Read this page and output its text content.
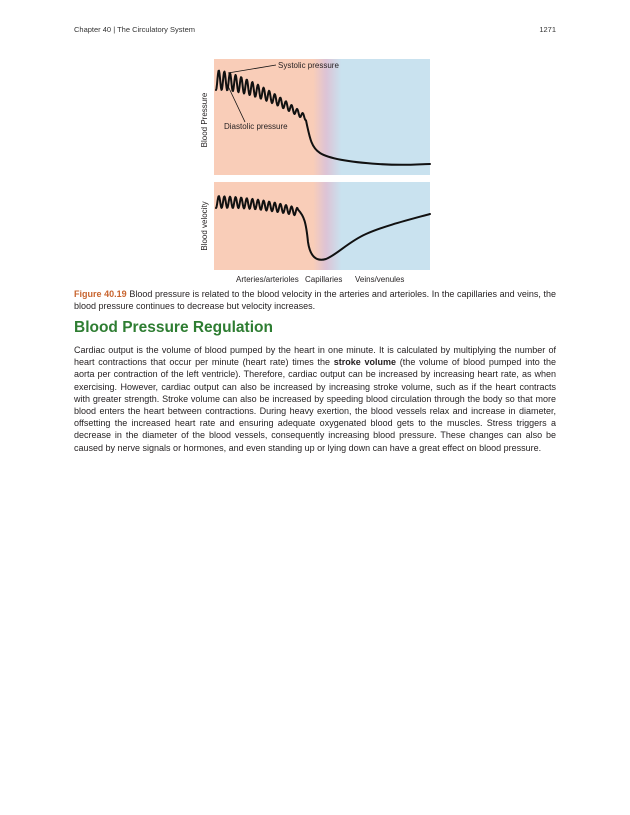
Chapter 40 | The Circulatory System	1271
Systolic pressure
Diastolic pressure
Blood Pressure
Blood velocity
Arteries/arterioles Capillaries Veins/venules
Figure 40.19 Blood pressure is related to the blood velocity in the arteries and arterioles. In the capillaries and veins, the blood pressure continues to decrease but velocity increases.
Blood Pressure Regulation

Cardiac output is the volume of blood pumped by the heart in one minute. It is calculated by multiplying the number of heart contractions that occur per minute (heart rate) times the stroke volume (the volume of blood pumped into the aorta per contraction of the left ventricle). Therefore, cardiac output can be increased by increasing heart rate, as when exercising. However, cardiac output can also be increased by increasing stroke volume, such as if the heart contracts with greater strength. Stroke volume can also be increased by speeding blood circulation through the body so that more blood enters the heart between contractions. During heavy exertion, the blood vessels relax and increase in diameter, offsetting the increased heart rate and ensuring adequate oxygenated blood gets to the muscles. Stress triggers a decrease in the diameter of the blood vessels, consequently increasing blood pressure. These changes can also be caused by nerve signals or hormones, and even standing up or lying down can have a great effect on blood pressure.
